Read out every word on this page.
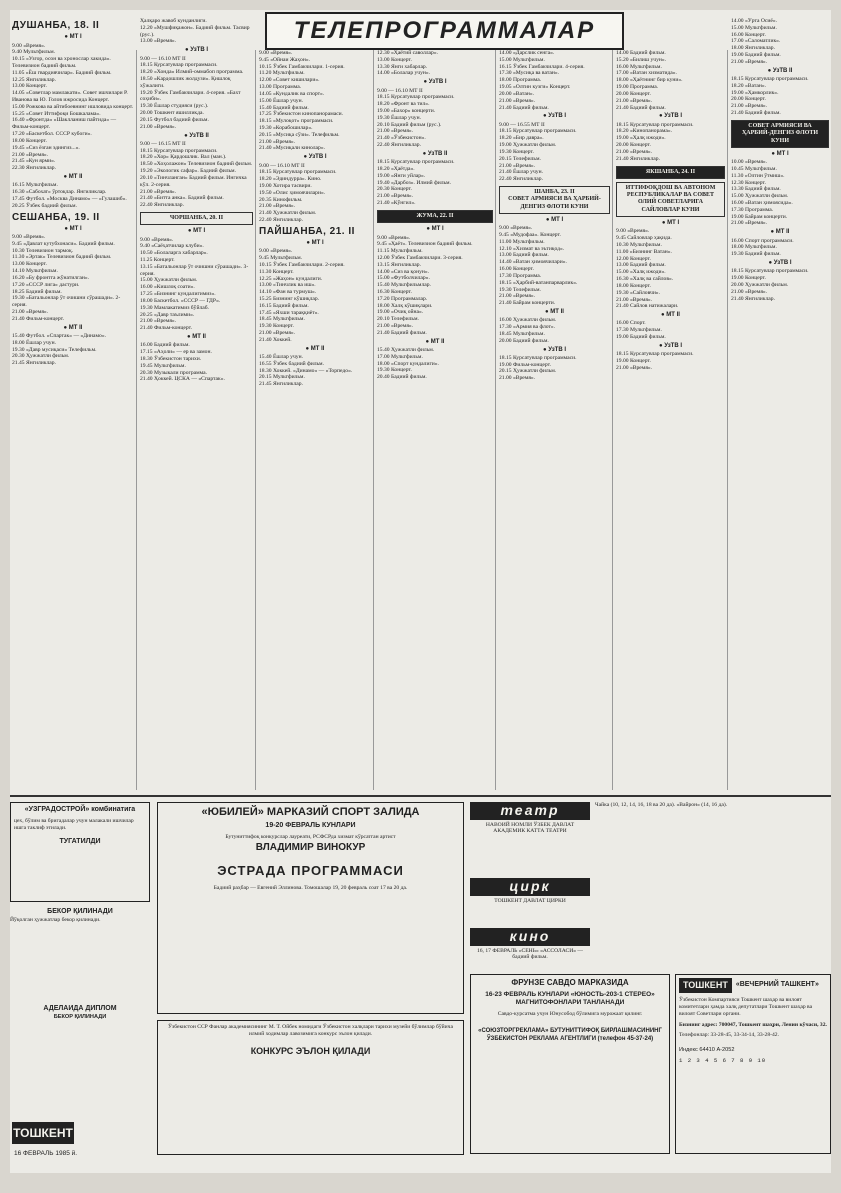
ТЕЛЕПРОГРАММАЛАР
ДУШАНБА, 18. II
● МТ I
9.00 «Время».
9.40 Мультфильм.
10.15 «Узгор, осон ва хронослар хакида». Телевизион бадиий фильм.
11.05 «Ёш гвардиячилар». Бадиий фильм.
12.25 Янгиликлар.
13.00 Концерт.
14.05 «Советлар мамлакати». Совет ишчилари Р. Иванова ва Ю. Голов ижросида Концерт.
15.00 Рожкова ва айтибоевнинг ишловида концерт.
15.25 «Совет Иттифоқи Бошкалама».
16.40 «Фронтда» «Шаклланиш пайтида» — Фильм-концерт.
17.20 «Баскетбол. СССР кубоги».
18.00 Концерт.
19.45 «Сиз ёзган эдингиз...».
21.00 «Время».
21.45 «Кун ярми».
22.30 Янгиликлар.
● МТ II
16.15 Мультфильм.
16.30 «Сабохат» ўртоқлар. Янгиликлар.
17.45 Футбол. «Москва Динамо» — «Гулашиб».
20.25 Ўзбек бадиий фильм.
СЕШАНБА, 19. II
● МТ I
9.00 «Время».
9.45 «Давлат кутубхонаси». Бадиий фильм.
10.30 Телевизион тармоқ.
11.30 «Эртак» Телевизион бадиий фильм.
13.00 Концерт.
14.10 Мультфильм.
16.20 «Бу фронтга жўнатилган».
17.20 «СССР лига» дастури.
18.25 Бадиий фильм.
19.30 «Батальонлар ўт очишни сўрашади». 2-серия.
21.00 «Время».
21.40 Фильм-концерт.
● МТ II
15.40 Футбол. «Спартак» — «Динамо».
18.00 Ёшлар учун.
19.30 «Давр мусиқаси» Телефильм.
20.30 Ҳужжатли фильм.
21.45 Янгиликлар.
Ҳалқаро жавоб кунданлиги.
12.20 «Мушфиқажон». Бадиий фильм. Тасвир (рус.).
13.00 «Время».
● УзТВ I
9.00 — 16.10 МТ II
18.15 Курсатувлар программаси.
18.20 «Хонда» Илмий-оммабоп программа.
18.50 «Кардошлик жолдузи». Қишлоқ хўжалиги.
19.20 Ўзбек Гамбакчилари. 4-серия. «Бахт соҳиби».
19.30 Ёшлар студияси (рус.).
20.00 Тошкент яшилликда.
20.15 Футбол бадиий фильм.
21.00 «Время».
● УзТВ II
9.00 — 16.15 МТ II
18.15 Курсатувлар программаси.
18.20 «Хор» Қардошлик. Вал (ман.).
18.50 «Хоҳолажон» Телевизион бадиий фильм.
19.20 «Экологик сафар». Бадиий фильм.
20.10 «Тинчланган» Бадиий фильм. Ингичка кўл. 2-серия.
21.00 «Время».
21.40 «Битта анка». Бадиий фильм.
22.40 Янгиликлар.
ЧОРШАНБА, 20. II
● МТ I
9.00 «Время».
9.40 «Саёҳатчилар клуби».
10.50 «Болаларга хабарлар».
11.25 Концерт.
13.15 «Батальонлар ўт очишни сўрашади». 3-серия.
15.00 Ҳужжатли фильм.
16.00 «Кишлоқ соати».
17.25 «Бизнинг кундалигимиз».
18.00 Баскетбол. «СССР — ГДР».
19.30 Мамлакатимиз бўйлаб.
20.25 «Давр таълими».
21.00 «Время».
21.40 Фильм-концерт.
● МТ II
16.00 Бадиий фильм.
17.15 «Аҳоли» — ер ва замон.
18.30 Ўзбекистон тарихи.
19.45 Мультфильм.
20.30 Музыкали программа.
21.40 Ҳоккей. ЦСКА — «Спартак».
9.00 «Время».
9.45 «Ойнаи Жаҳон».
10.15 Ўзбек Гамбакчилари. 1-серия.
11.20 Мультфильм.
12.00 «Совет кишилари».
13.00 Программа.
14.05 «Кундалик ва спорт».
15.00 Ёшлар учун.
15.40 Бадиий фильм.
17.25 Ўзбекистон кинопанорамаси.
18.15 «Мулоқот» программаси.
19.30 «Корабошилар».
20.15 «Мусиқа сўзи». Телефильм.
21.00 «Время».
21.40 «Мусиқали кинолар».
● УзТВ I
9.00 — 16.10 МТ II
18.15 Курсатувлар программаси.
18.20 «Эдиндурра». Кино.
19.00 Хотира тасвири.
19.50 «Олис ҳимоячилари».
20.35 Кинофильм.
21.00 «Время».
21.40 Ҳужжатли фильм.
22.40 Янгиликлар.
ПАЙШАНБА, 21. II
● МТ I
9.00 «Время».
9.45 Мультфильм.
10.15 Ўзбек Гамбакчилари. 2-серия.
11.30 Концерт.
12.25 «Жаҳон» кундалиги.
13.00 «Тинчлик ва иш».
14.10 «Фан ва турмуш».
15.25 Бизнинг кўшиқлар.
16.15 Бадиий фильм.
17.45 «Яхши тараққиёт».
18.45 Мультфильм.
19.30 Концерт.
21.00 «Время».
21.40 Хоккей.
● МТ II
15.40 Ёшлар учун.
16.55 Ўзбек бадиий фильм.
18.30 Хоккей. «Динамо» — «Торпедо».
20.15 Мультфильм.
21.45 Янгиликлар.
12.30 «Ҳаётий саволлар».
13.00 Концерт.
13.30 Янги хабарлар.
14.00 «Болалар учун».
● УзТВ I
9.00 — 16.10 МТ II
18.15 Курсатувлар программаси.
18.20 «Фронт ва тил».
19.00 «Бахор» концерти.
19.30 Ёшлар учун.
20.10 Бадиий фильм (рус.).
21.00 «Время».
21.40 «Ўзбекистон».
22.40 Янгиликлар.
● УзТВ II
18.15 Курсатувлар программаси.
18.20 «Ҳаётда».
19.00 «Янги уйлар».
19.40 «Дарбоз». Илмий фильм.
20.30 Концерт.
21.00 «Время».
21.40 «Кўнгил».
ЖУМА, 22. II
● МТ I
9.00 «Время».
9.45 «Ҳаёт». Телевизион бадиий фильм.
11.15 Мультфильм.
12.00 Ўзбек Гамбакчилари. 3-серия.
13.15 Янгиликлар.
14.00 «Сиз ва қонун».
15.00 «Футболчилар».
15.40 Мультфильмлар.
16.30 Концерт.
17.20 Программалар.
18.00 Халқ кўшиқлари.
19.00 «Очиқ ойна».
20.10 Телефильм.
21.00 «Время».
21.40 Бадиий фильм.
● МТ II
15.40 Ҳужжатли фильм.
17.00 Мультфильм.
18.00 «Спорт кундалиги».
19.30 Концерт.
20.40 Бадиий фильм.
14.00 «Дарслик сенга».
15.00 Мультфильм.
16.15 Ўзбек Гамбакчилари. 4-серия.
17.30 «Мусиқа ва ватан».
18.00 Программа.
19.05 «Олтин кузги» Концерт.
20.00 «Ватан».
21.00 «Время».
21.40 Бадиий фильм.
● УзТВ I
9.00 — 16.55 МТ II
18.15 Курсатувлар программаси.
18.20 «Бир давра».
19.00 Ҳужжатли фильм.
19.30 Концерт.
20.15 Телефильм.
21.00 «Время».
21.40 Ёшлар учун.
22.40 Янгиликлар.
ШАНБА, 23. II
СОВЕТ АРМИЯСИ ВА ҲАРБИЙ-ДЕНГИЗ ФЛОТИ КУНИ
● МТ I
9.00 «Время».
9.45 «Мудофаа». Концерт.
11.00 Мультфильм.
12.10 «Хизмат ва эътиқод».
13.00 Бадиий фильм.
14.40 «Ватан ҳимоячилари».
16.00 Концерт.
17.30 Программа.
18.15 «Ҳарбий-ватанпарварлик».
19.30 Телефильм.
21.00 «Время».
21.40 Байрам концерти.
● МТ II
16.00 Ҳужжатли фильм.
17.30 «Армия ва флот».
18.45 Мультфильм.
20.00 Бадиий фильм.
● УзТВ I
18.15 Курсатувлар программаси.
19.00 Фильм-концерт.
20.15 Ҳужжатли фильм.
21.00 «Время».
14.00 Бадиий фильм.
15.20 «Билиш учун».
16.00 Мультфильм.
17.00 «Ватан хизматида».
18.00 «Ҳаётнинг бир куни».
19.00 Программа.
20.00 Концерт.
21.00 «Время».
21.40 Бадиий фильм.
● УзТВ I
18.15 Курсатувлар программаси.
18.20 «Кинопанорама».
19.00 «Ҳалқ ижоди».
20.00 Концерт.
21.00 «Время».
21.40 Янгиликлар.
ЯКШАНБА, 24. II
ИТТИФОҚДОШ ВА АВТОНОМ РЕСПУБЛИКАЛАР ВА СОВЕТ ОЛИЙ СОВЕТЛАРИГА САЙЛОВЛАР КУНИ
● МТ I
9.00 «Время».
9.45 Сайловлар ҳақида.
10.30 Мультфильм.
11.00 «Бизнинг Ватан».
12.00 Концерт.
13.00 Бадиий фильм.
15.00 «Халқ ижоди».
16.30 «Халқ ва сайлов».
18.00 Концерт.
19.30 «Сайловчи».
21.00 «Время».
21.40 Сайлов натижалари.
● МТ II
16.00 Спорт.
17.30 Мультфильм.
19.00 Бадиий фильм.
● УзТВ I
18.15 Курсатувлар программаси.
19.00 Концерт.
21.00 «Время».
14.00 «Ўрта Осиё».
15.00 Мультфильм.
16.00 Концерт.
17.00 «Саломатлик».
18.00 Янгиликлар.
19.00 Бадиий фильм.
21.00 «Время».
● УзТВ II
18.15 Курсатувлар программаси.
18.20 «Ватан».
19.00 «Ҳамкорлик».
20.00 Концерт.
21.00 «Время».
21.40 Бадиий фильм.
СОВЕТ АРМИЯСИ ВА ҲАРБИЙ-ДЕНГИЗ ФЛОТИ КУНИ
● МТ I
10.00 «Время».
10.45 Мультфильм.
11.30 «Олтин ўтмиш».
12.30 Концерт.
13.30 Бадиий фильм.
15.00 Ҳужжатли фильм.
16.00 «Ватан ҳимоясида».
17.30 Программа.
19.00 Байрам концерти.
21.00 «Время».
● МТ II
16.00 Спорт программаси.
18.00 Мультфильм.
19.30 Бадиий фильм.
● УзТВ I
18.15 Курсатувлар программаси.
19.00 Концерт.
20.00 Ҳужжатли фильм.
21.00 «Время».
21.40 Янгиликлар.
«УЗГРАДОСТРОЙ» комбинатига
цех, бўлим ва бригадалар учун малакали ишчилар ишга таклиф этилади.
ТУГАТИЛДИ
БЕКОР ҚИЛИНАДИ
Йўқолган ҳужжатлар бекор қилинади.
АДЕЛАЙДА ДИПЛОМ
БЕКОР ҚИЛИНАДИ
ТОШКЕНТ
16 ФЕВРАЛЬ 1985 й.
«ЮБИЛЕЙ» МАРКАЗИЙ СПОРТ ЗАЛИДА
19-20 ФЕВРАЛЬ КУНЛАРИ
Бутуниттифоқ конкурслар лауреати, РСФСРда хизмат кўрсатган артист
ВЛАДИМИР ВИНОКУР
ЭСТРАДА ПРОГРАММАСИ
Бадиий раҳбар — Евгений Эллинова. Томошалар 19, 20 февраль соат 17 ва 20 да.
Ўзбекистон ССР Фанлар академиясининг М. Т. Ойбек номидаги Ўзбекистон халқлари тарихи музейи бўлимлар бўйича илмий ходимлар лавозимига конкурс эълон қилади.
КОНКУРС ЭЪЛОН ҚИЛАДИ
театр
НАВОИЙ НОМЛИ ЎЗБЕК ДАВЛАТ АКАДЕМИК КАТТА ТЕАТРИ
цирк
ТОШКЕНТ ДАВЛАТ ЦИРКИ
кино
16, 17 ФЕВРАЛЬ «СЕНЬ» «АССОЛАСИ» — бадиий фильм.
Чайка (10, 12, 14, 16, 18 ва 20 да). «Вайрон» (14, 16 да).
ФРУНЗЕ САВДО МАРКАЗИДА
16-23 ФЕВРАЛЬ КУНЛАРИ «ЮНОСТЬ-203-1 СТЕРЕО» МАГНИТОФОНЛАРИ ТАНЛАНАДИ
Савдо-курсатма учун Юнусобод бўлимига мурожаат қилинг.
«СОЮЗТОРГРЕКЛАМА» БУТУНИТТИФОҚ БИРЛАШМАСИНИНГ ЎЗБЕКИСТОН РЕКЛАМА АГЕНТЛИГИ (телефон 45-37-24)
ТОШКЕНТ	«ВЕЧЕРНИЙ ТАШКЕНТ»
Ўзбекистон Компартияси Тошкент шаҳар ва вилоят комитетлари ҳамда халқ депутатлари Тошкент шаҳар ва вилоят Советлари органи.
Бизнинг адрес: 700047, Тошкент шаҳри, Ленин кўчаси, 32.
Телефонлар: 33-28-45, 33-34-14, 33-28-42.
Индекс 64410 А-2052
1 2 3 4 5 6 7 8 9 10
